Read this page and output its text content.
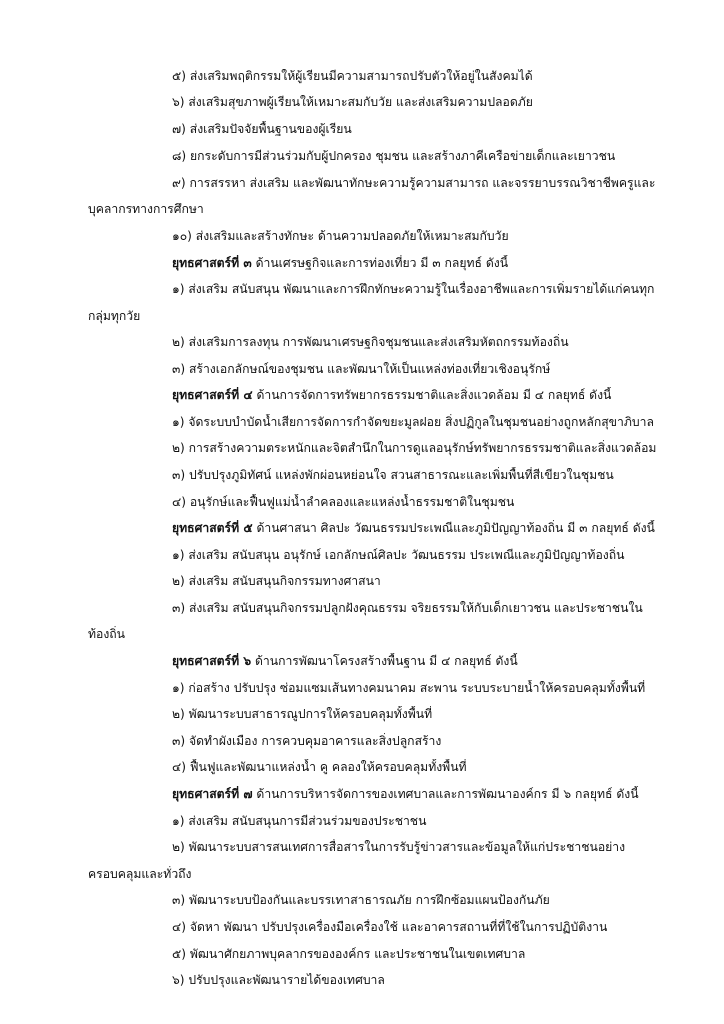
๕) ส่งเสริมพฤติกรรมให้ผู้เรียนมีความสามารถปรับตัวให้อยู่ในสังคมได้
๖) ส่งเสริมสุขภาพผู้เรียนให้เหมาะสมกับวัย และส่งเสริมความปลอดภัย
๗) ส่งเสริมปัจจัยพื้นฐานของผู้เรียน
๘) ยกระดับการมีส่วนร่วมกับผู้ปกครอง ชุมชน และสร้างภาคีเครือข่ายเด็กและเยาวชน
๙) การสรรหา ส่งเสริม และพัฒนาทักษะความรู้ความสามารถ และจรรยาบรรณวิชาชีพครูและ
บุคลากรทางการศึกษา
๑๐) ส่งเสริมและสร้างทักษะ ด้านความปลอดภัยให้เหมาะสมกับวัย
ยุทธศาสตร์ที่ ๓ ด้านเศรษฐกิจและการท่องเที่ยว มี ๓ กลยุทธ์ ดังนี้
๑) ส่งเสริม สนับสนุน พัฒนาและการฝึกทักษะความรู้ในเรื่องอาชีพและการเพิ่มรายได้แก่คนทุก
กลุ่มทุกวัย
๒) ส่งเสริมการลงทุน การพัฒนาเศรษฐกิจชุมชนและส่งเสริมหัตถกรรมท้องถิ่น
๓) สร้างเอกลักษณ์ของชุมชน และพัฒนาให้เป็นแหล่งท่องเที่ยวเชิงอนุรักษ์
ยุทธศาสตร์ที่ ๔ ด้านการจัดการทรัพยากรธรรมชาติและสิ่งแวดล้อม มี ๔ กลยุทธ์ ดังนี้
๑) จัดระบบบำบัดน้ำเสียการจัดการกำจัดขยะมูลฝอย สิ่งปฏิกูลในชุมชนอย่างถูกหลักสุขาภิบาล
๒) การสร้างความตระหนักและจิตสำนึกในการดูแลอนุรักษ์ทรัพยากรธรรมชาติและสิ่งแวดล้อม
๓) ปรับปรุงภูมิทัศน์ แหล่งพักผ่อนหย่อนใจ สวนสาธารณะและเพิ่มพื้นที่สีเขียวในชุมชน
๔) อนุรักษ์และฟื้นฟูแม่น้ำลำคลองและแหล่งน้ำธรรมชาติในชุมชน
ยุทธศาสตร์ที่ ๕ ด้านศาสนา ศิลปะ วัฒนธรรมประเพณีและภูมิปัญญาท้องถิ่น มี ๓ กลยุทธ์ ดังนี้
๑) ส่งเสริม สนับสนุน อนุรักษ์ เอกลักษณ์ศิลปะ วัฒนธรรม ประเพณีและภูมิปัญญาท้องถิ่น
๒) ส่งเสริม สนับสนุนกิจกรรมทางศาสนา
๓) ส่งเสริม สนับสนุนกิจกรรมปลูกฝังคุณธรรม จริยธรรมให้กับเด็กเยาวชน และประชาชนใน
ท้องถิ่น
ยุทธศาสตร์ที่ ๖ ด้านการพัฒนาโครงสร้างพื้นฐาน มี ๔ กลยุทธ์ ดังนี้
๑) ก่อสร้าง ปรับปรุง ซ่อมแซมเส้นทางคมนาคม สะพาน ระบบระบายน้ำให้ครอบคลุมทั้งพื้นที่
๒) พัฒนาระบบสาธารณูปการให้ครอบคลุมทั้งพื้นที่
๓) จัดทำผังเมือง การควบคุมอาคารและสิ่งปลูกสร้าง
๔) ฟื้นฟูและพัฒนาแหล่งน้ำ คู คลองให้ครอบคลุมทั้งพื้นที่
ยุทธศาสตร์ที่ ๗ ด้านการบริหารจัดการของเทศบาลและการพัฒนาองค์กร มี ๖ กลยุทธ์ ดังนี้
๑) ส่งเสริม สนับสนุนการมีส่วนร่วมของประชาชน
๒) พัฒนาระบบสารสนเทศการสื่อสารในการรับรู้ข่าวสารและข้อมูลให้แก่ประชาชนอย่าง
ครอบคลุมและทั่วถึง
๓) พัฒนาระบบป้องกันและบรรเทาสาธารณภัย การฝึกซ้อมแผนป้องกันภัย
๔) จัดหา พัฒนา ปรับปรุงเครื่องมือเครื่องใช้ และอาคารสถานที่ที่ใช้ในการปฏิบัติงาน
๕) พัฒนาศักยภาพบุคลากรขององค์กร และประชาชนในเขตเทศบาล
๖) ปรับปรุงและพัฒนารายได้ของเทศบาล
